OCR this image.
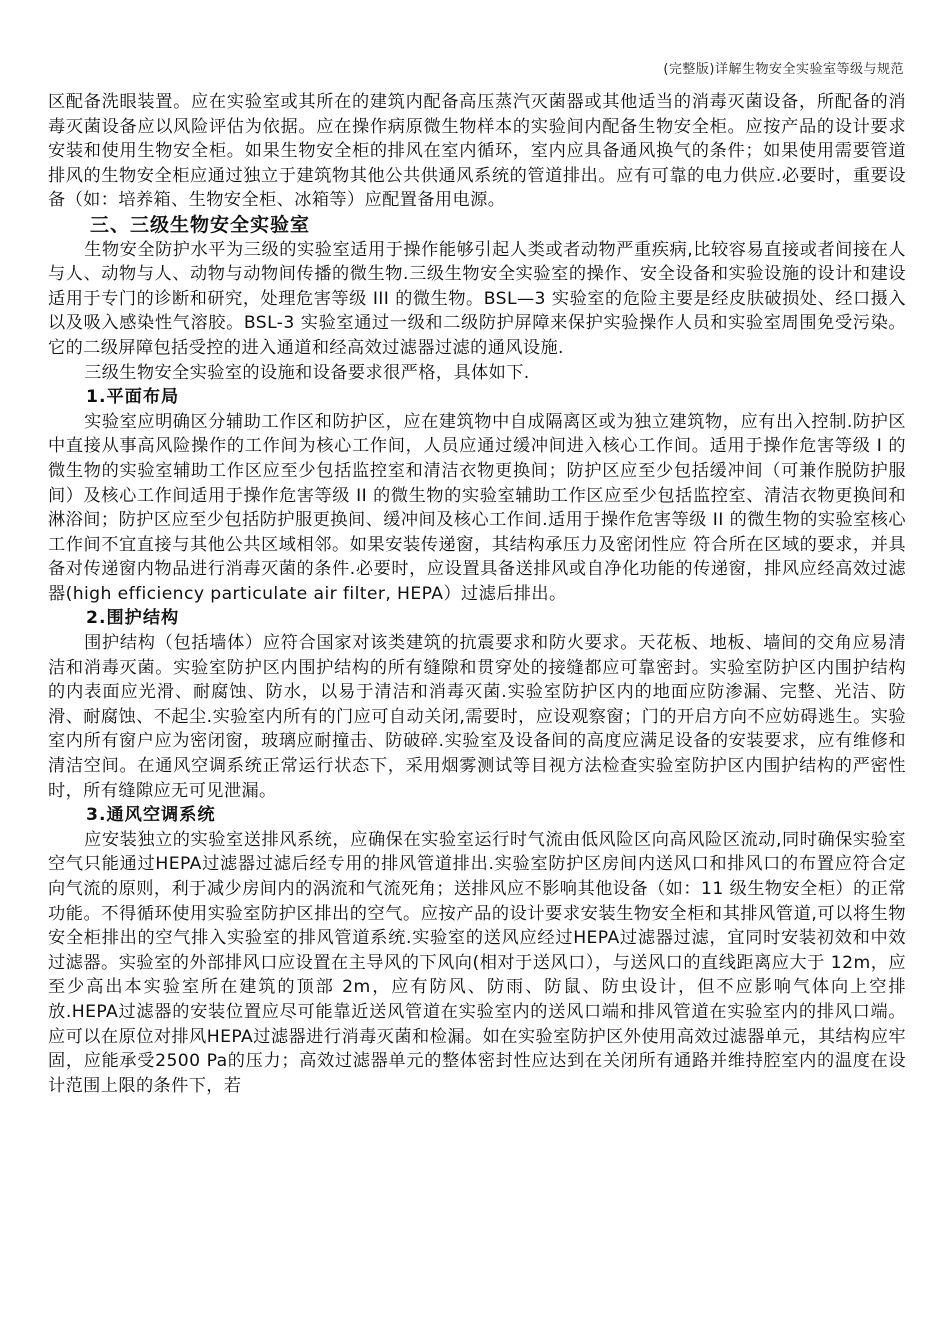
(完整版)详解生物安全实验室等级与规范

区配备洗眼装置。应在实验室或其所在的建筑内配备高压蒸汽灭菌器或其他适当的消毒灭菌设备，所配备的消毒灭菌设备应以风险评估为依据。应在操作病原微生物样本的实验间内配备生物安全柜。应按产品的设计要求安装和使用生物安全柜。如果生物安全柜的排风在室内循环，室内应具备通风换气的条件；如果使用需要管道排风的生物安全柜应通过独立于建筑物其他公共供通风系统的管道排出。应有可靠的电力供应.必要时，重要设备（如：培养箱、生物安全柜、冰箱等）应配置备用电源。

三、三级生物安全实验室

生物安全防护水平为三级的实验室适用于操作能够引起人类或者动物严重疾病,比较容易直接或者间接在人与人、动物与人、动物与动物间传播的微生物.三级生物安全实验室的操作、安全设备和实验设施的设计和建设适用于专门的诊断和研究，处理危害等级 III 的微生物。BSL—3 实验室的危险主要是经皮肤破损处、经口摄入以及吸入感染性气溶胶。BSL-3 实验室通过一级和二级防护屏障来保护实验操作人员和实验室周围免受污染。它的二级屏障包括受控的进入通道和经高效过滤器过滤的通风设施.

三级生物安全实验室的设施和设备要求很严格，具体如下.

1.平面布局

实验室应明确区分辅助工作区和防护区，应在建筑物中自成隔离区或为独立建筑物，应有出入控制.防护区中直接从事高风险操作的工作间为核心工作间，人员应通过缓冲间进入核心工作间。适用于操作危害等级 I 的微生物的实验室辅助工作区应至少包括监控室和清洁衣物更换间；防护区应至少包括缓冲间（可兼作脱防护服间）及核心工作间适用于操作危害等级 II 的微生物的实验室辅助工作区应至少包括监控室、清洁衣物更换间和淋浴间；防护区应至少包括防护服更换间、缓冲间及核心工作间.适用于操作危害等级 II 的微生物的实验室核心工作间不宜直接与其他公共区域相邻。如果安装传递窗，其结构承压力及密闭性应 符合所在区域的要求，并具备对传递窗内物品进行消毒灭菌的条件.必要时，应设置具备送排风或自净化功能的传递窗，排风应经高效过滤器(high efficiency particulate air filter, HEPA）过滤后排出。

2.围护结构

围护结构（包括墙体）应符合国家对该类建筑的抗震要求和防火要求。天花板、地板、墙间的交角应易清洁和消毒灭菌。实验室防护区内围护结构的所有缝隙和贯穿处的接缝都应可靠密封。实验室防护区内围护结构的内表面应光滑、耐腐蚀、防水，以易于清洁和消毒灭菌.实验室防护区内的地面应防渗漏、完整、光洁、防滑、耐腐蚀、不起尘.实验室内所有的门应可自动关闭,需要时，应设观察窗；门的开启方向不应妨碍逃生。实验室内所有窗户应为密闭窗，玻璃应耐撞击、防破碎.实验室及设备间的高度应满足设备的安装要求，应有维修和清洁空间。在通风空调系统正常运行状态下，采用烟雾测试等目视方法检查实验室防护区内围护结构的严密性时，所有缝隙应无可见泄漏。

3.通风空调系统

应安装独立的实验室送排风系统，应确保在实验室运行时气流由低风险区向高风险区流动,同时确保实验室空气只能通过HEPA过滤器过滤后经专用的排风管道排出.实验室防护区房间内送风口和排风口的布置应符合定向气流的原则，利于减少房间内的涡流和气流死角；送排风应不影响其他设备（如：11 级生物安全柜）的正常功能。不得循环使用实验室防护区排出的空气。应按产品的设计要求安装生物安全柜和其排风管道,可以将生物安全柜排出的空气排入实验室的排风管道系统.实验室的送风应经过HEPA过滤器过滤，宜同时安装初效和中效过滤器。实验室的外部排风口应设置在主导风的下风向(相对于送风口），与送风口的直线距离应大于 12m，应至少高出本实验室所在建筑的顶部 2m，应有防风、防雨、防鼠、防虫设计，但不应影响气体向上空排放.HEPA过滤器的安装位置应尽可能靠近送风管道在实验室内的送风口端和排风管道在实验室内的排风口端。应可以在原位对排风HEPA过滤器进行消毒灭菌和检漏。如在实验室防护区外使用高效过滤器单元，其结构应牢固，应能承受2500 Pa的压力；高效过滤器单元的整体密封性应达到在关闭所有通路并维持腔室内的温度在设计范围上限的条件下，若
